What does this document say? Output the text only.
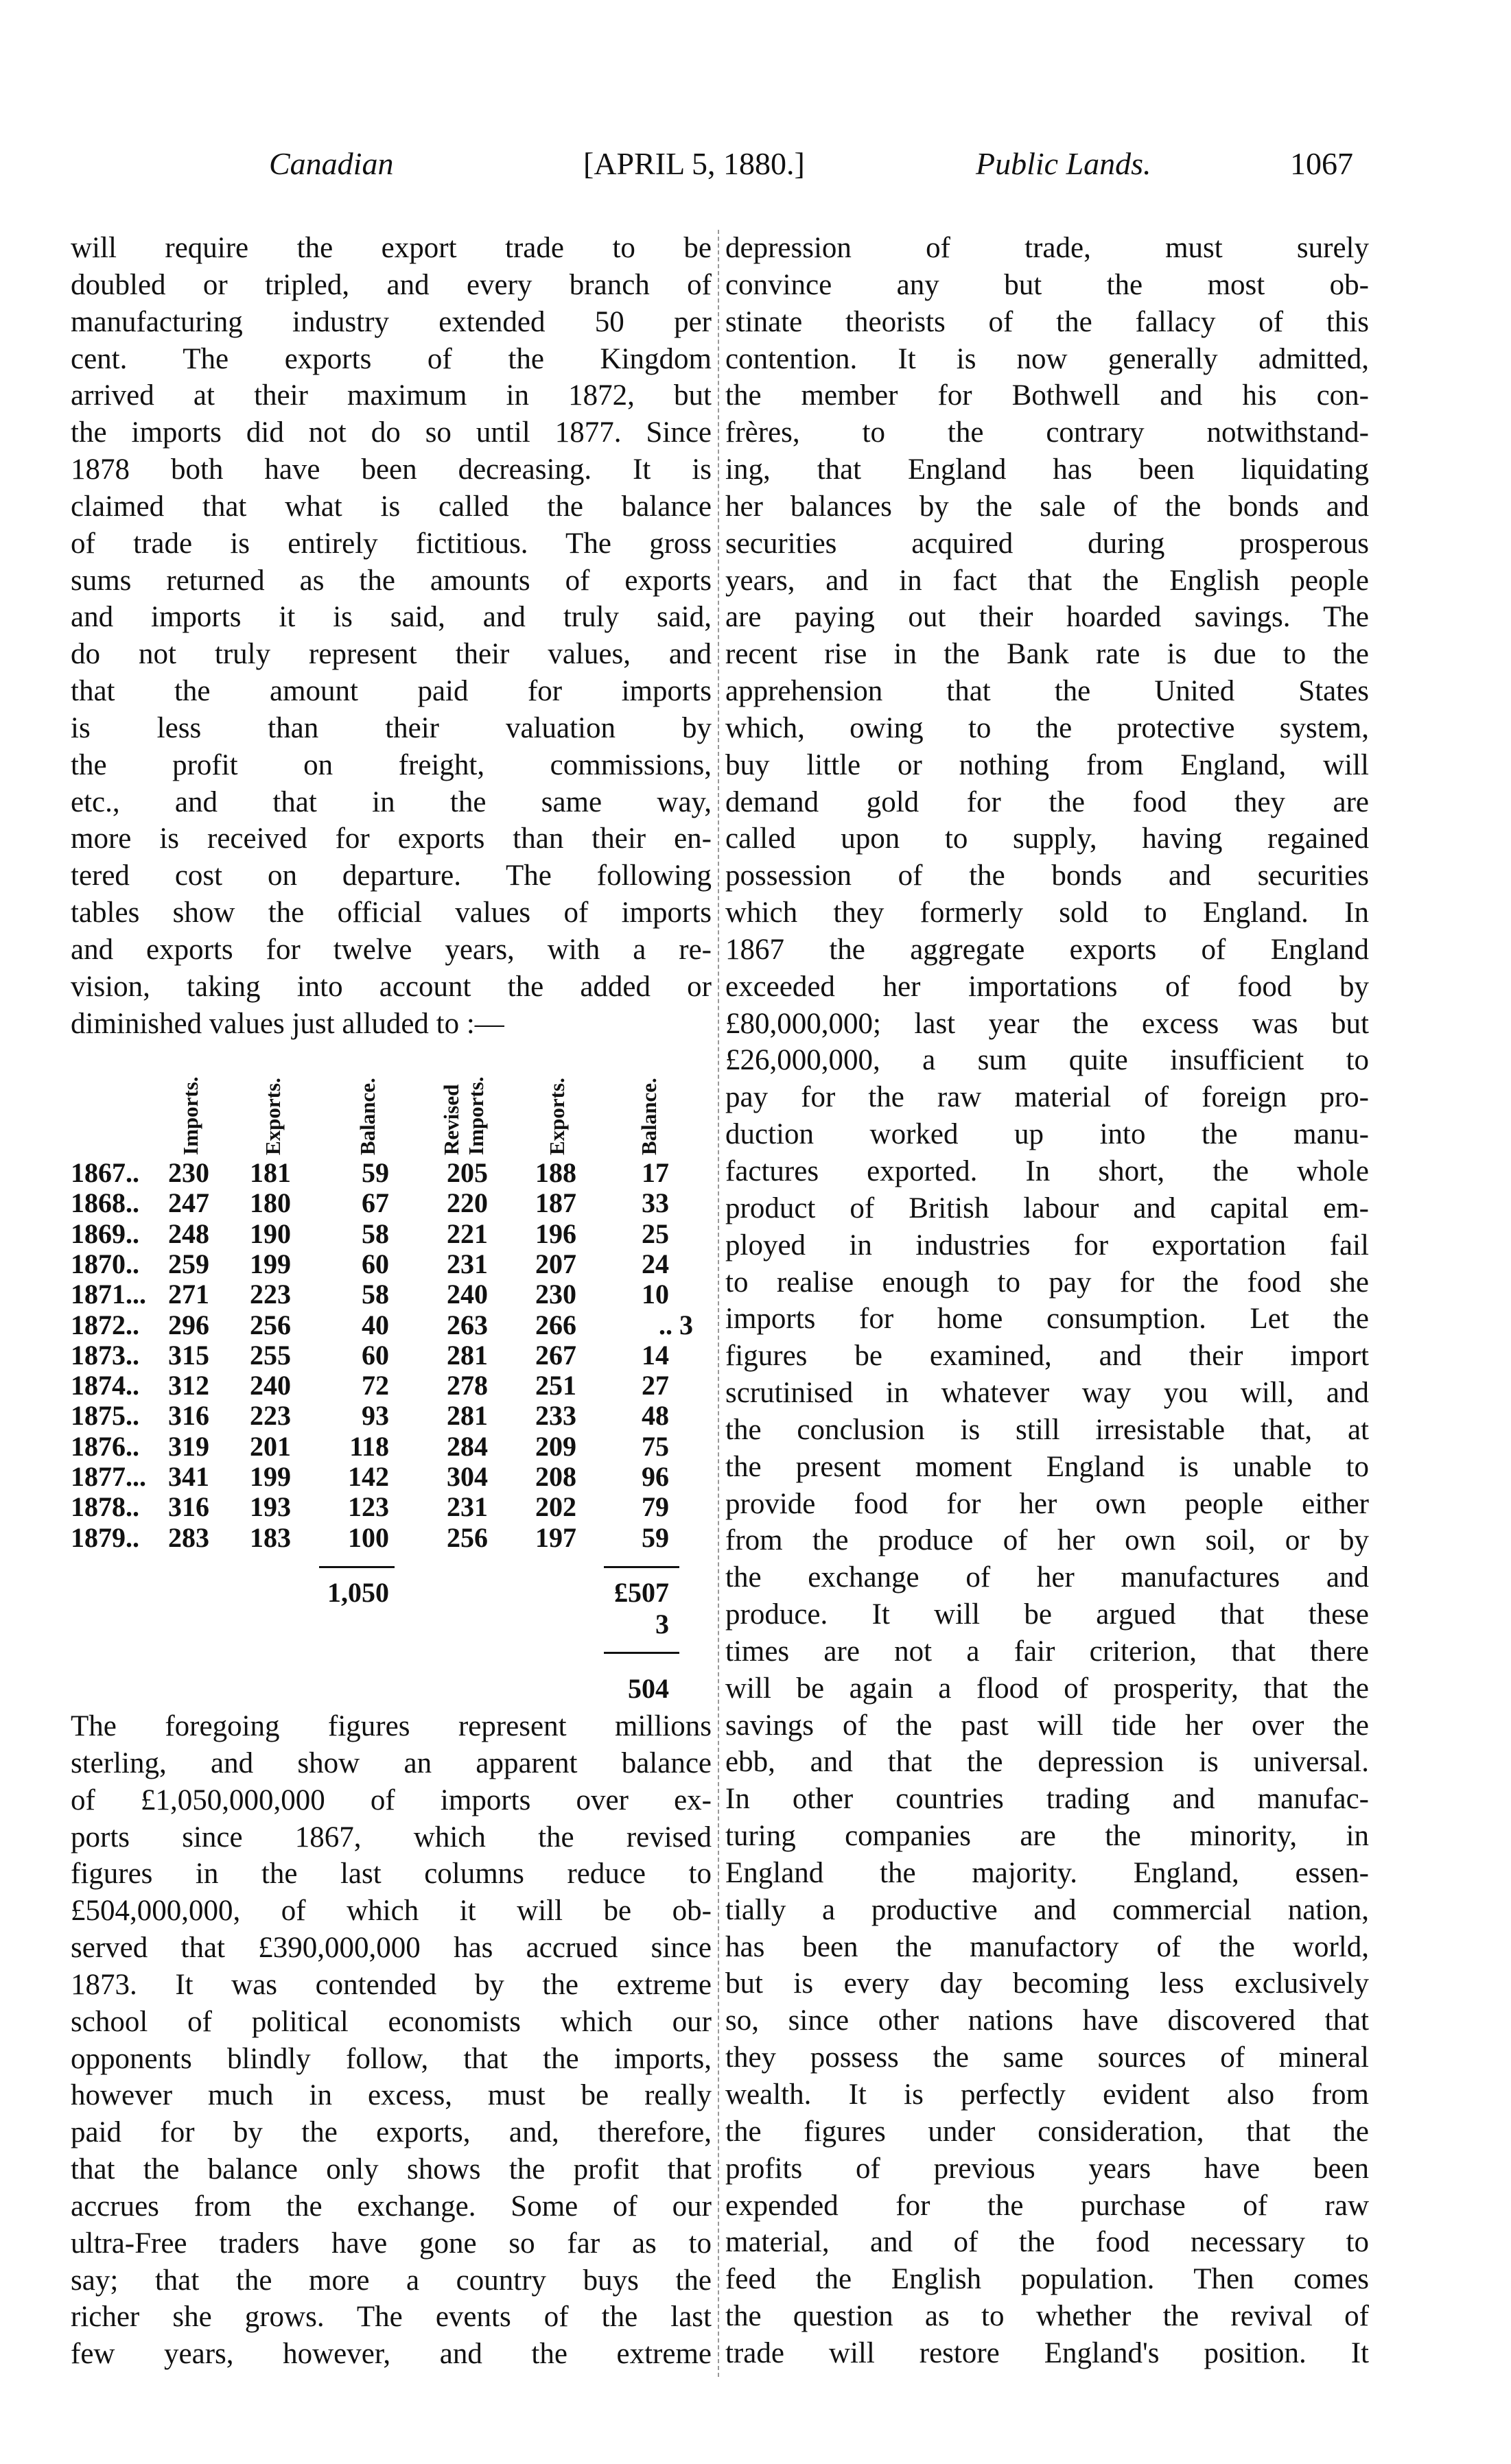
Canadian	[APRIL 5, 1880.]	Public Lands.	1067
will require the export trade to be
doubled or tripled, and every branch of
manufacturing industry extended 50 per
cent. The exports of the Kingdom
arrived at their maximum in 1872, but
the imports did not do so until 1877. Since
1878 both have been decreasing. It is
claimed that what is called the balance
of trade is entirely fictitious. The gross
sums returned as the amounts of exports
and imports it is said, and truly said,
do not truly represent their values, and
that the amount paid for imports
is less than their valuation by
the profit on freight, commissions,
etc., and that in the same way,
more is received for exports than their en-
tered cost on departure. The following
tables show the official values of imports
and exports for twelve years, with a re-
vision, taking into account the added or
diminished values just alluded to :—
Imports.	Exports.	Balance.	Revised Imports.	Exports.	Balance.
1867.. 230 181	59 205 188 17
1868.. 247 180	67 220 187 33
1869.. 248 190	58 221 196 25
1870.. 259 199	60 231 207 24
1871... 271 223	58 240 230 10
1872.. 296 256	40 263 266	.. 3
1873.. 315 255	60 281 267 14
1874.. 312 240	72 278 251 27
1875.. 316 223	93 281 233 48
1876.. 319 201 118 284 209 75
1877... 341 199 142 304 208 96
1878.. 316 193 123 231 202 79
1879.. 283 183 100 256 197 59
1,050	£507
3
504
The foregoing figures represent millions
sterling, and show an apparent balance
of £1,050,000,000 of imports over ex-
ports since 1867, which the revised
figures in the last columns reduce to
£504,000,000, of which it will be ob-
served that £390,000,000 has accrued since
1873. It was contended by the extreme
school of political economists which our
opponents blindly follow, that the imports,
however much in excess, must be really
paid for by the exports, and, therefore,
that the balance only shows the profit that
accrues from the exchange. Some of our
ultra-Free traders have gone so far as to
say; that the more a country buys the
richer she grows. The events of the last
few years, however, and the extreme
depression of trade, must surely
convince any but the most ob-
stinate theorists of the fallacy of this
contention. It is now generally admitted,
the member for Bothwell and his con-
frères, to the contrary notwithstand-
ing, that England has been liquidating
her balances by the sale of the bonds and
securities acquired during prosperous
years, and in fact that the English people
are paying out their hoarded savings. The
recent rise in the Bank rate is due to the
apprehension that the United States
which, owing to the protective system,
buy little or nothing from England, will
demand gold for the food they are
called upon to supply, having regained
possession of the bonds and securities
which they formerly sold to England. In
1867 the aggregate exports of England
exceeded her importations of food by
£80,000,000; last year the excess was but
£26,000,000, a sum quite insufficient to
pay for the raw material of foreign pro-
duction worked up into the manu-
factures exported. In short, the whole
product of British labour and capital em-
ployed in industries for exportation fail
to realise enough to pay for the food she
imports for home consumption. Let the
figures be examined, and their import
scrutinised in whatever way you will, and
the conclusion is still irresistable that, at
the present moment England is unable to
provide food for her own people either
from the produce of her own soil, or by
the exchange of her manufactures and
produce. It will be argued that these
times are not a fair criterion, that there
will be again a flood of prosperity, that the
savings of the past will tide her over the
ebb, and that the depression is universal.
In other countries trading and manufac-
turing companies are the minority, in
England the majority. England, essen-
tially a productive and commercial nation,
has been the manufactory of the world,
but is every day becoming less exclusively
so, since other nations have discovered that
they possess the same sources of mineral
wealth. It is perfectly evident also from
the figures under consideration, that the
profits of previous years have been
expended for the purchase of raw
material, and of the food necessary to
feed the English population. Then comes
the question as to whether the revival of
trade will restore England's position. It
